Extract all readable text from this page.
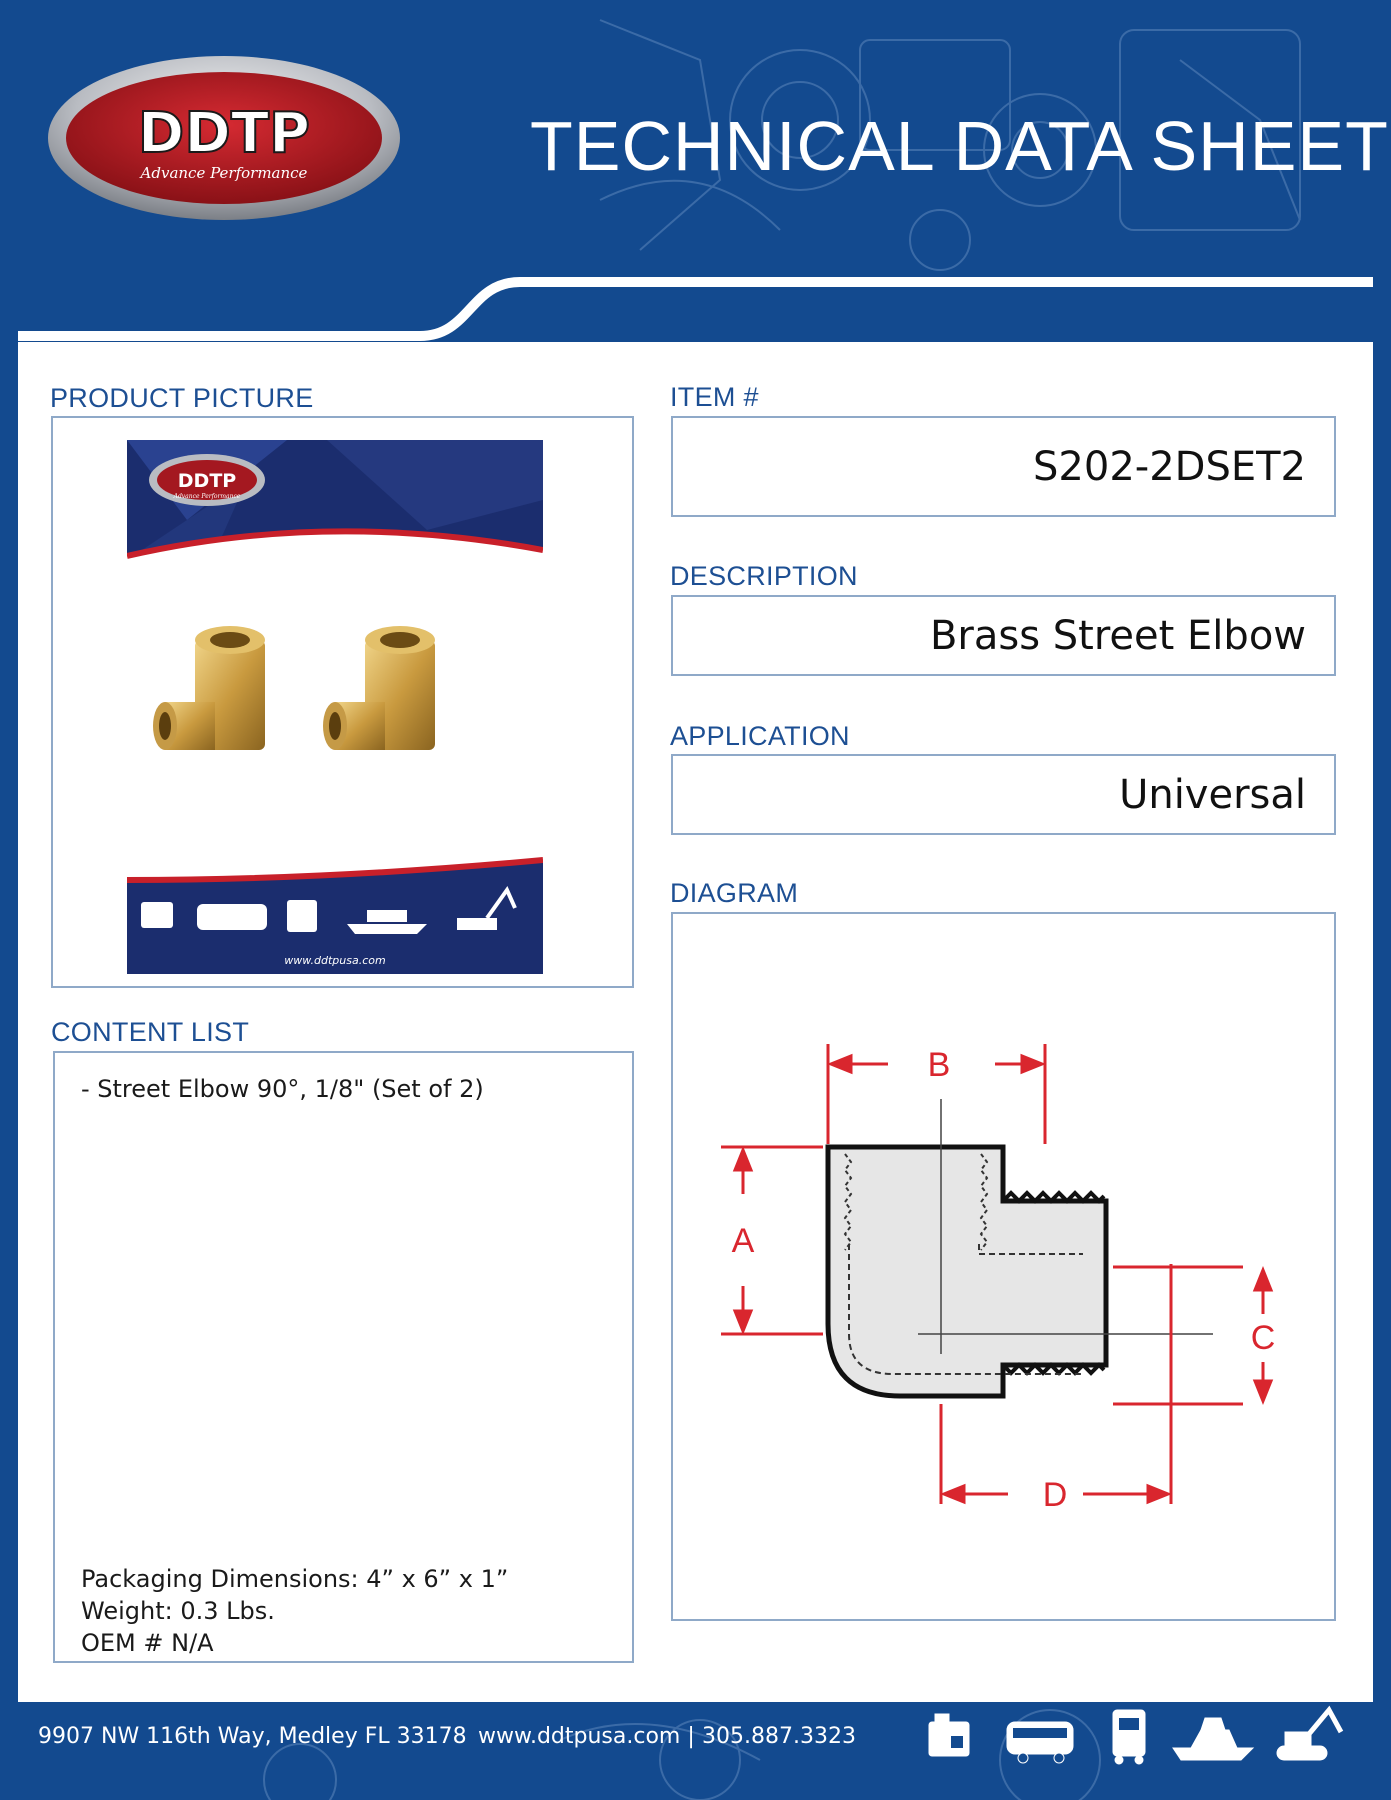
DDTP
Advance Performance	TECHNICAL DATA SHEET
PRODUCT PICTURE
DDTP
Advance Performance
www.ddtpusa.com
ITEM #
S202-2DSET2
DESCRIPTION
Brass Street Elbow
APPLICATION
Universal
DIAGRAM
B
A
C
D
CONTENT LIST
- Street Elbow 90°, 1/8" (Set of 2)
Packaging Dimensions: 4” x 6” x 1”
Weight: 0.3 Lbs.
OEM # N/A
9907 NW 116th Way, Medley FL 33178 www.ddtpusa.com | 305.887.3323
